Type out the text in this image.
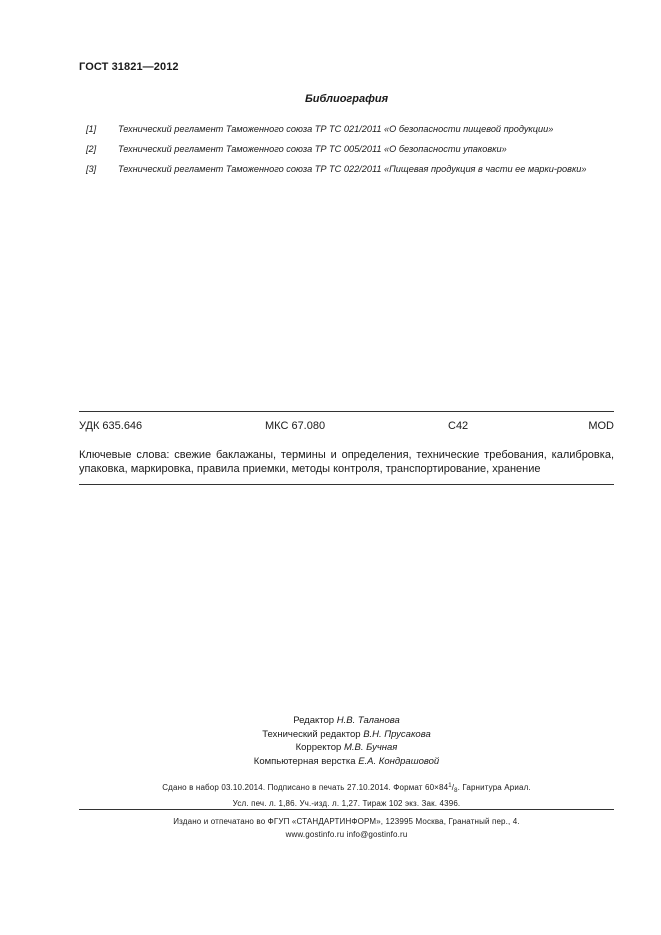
ГОСТ 31821—2012
Библиография
[1]	Технический регламент Таможенного союза ТР ТС 021/2011 «О безопасности пищевой продукции»
[2]	Технический регламент Таможенного союза ТР ТС 005/2011 «О безопасности упаковки»
[3]	Технический регламент Таможенного союза ТР ТС 022/2011 «Пищевая продукция в части ее марки-ровки»
УДК 635.646	МКС 67.080	С42	MOD
Ключевые слова: свежие баклажаны, термины и определения, технические требования, калибровка, упаковка, маркировка, правила приемки, методы контроля, транспортирование, хранение
Редактор Н.В. Таланова
Технический редактор В.Н. Прусакова
Корректор М.В. Бучная
Компьютерная верстка Е.А. Кондрашовой
Сдано в набор 03.10.2014. Подписано в печать 27.10.2014. Формат $60\times 84^1/_8$. Гарнитура Ариал.
Усл. печ. л. 1,86. Уч.-изд. л. 1,27. Тираж 102 экз. Зак. 4396.
Издано и отпечатано во ФГУП «СТАНДАРТИНФОРМ», 123995 Москва, Гранатный пер., 4.
www.gostinfo.ru info@gostinfo.ru
